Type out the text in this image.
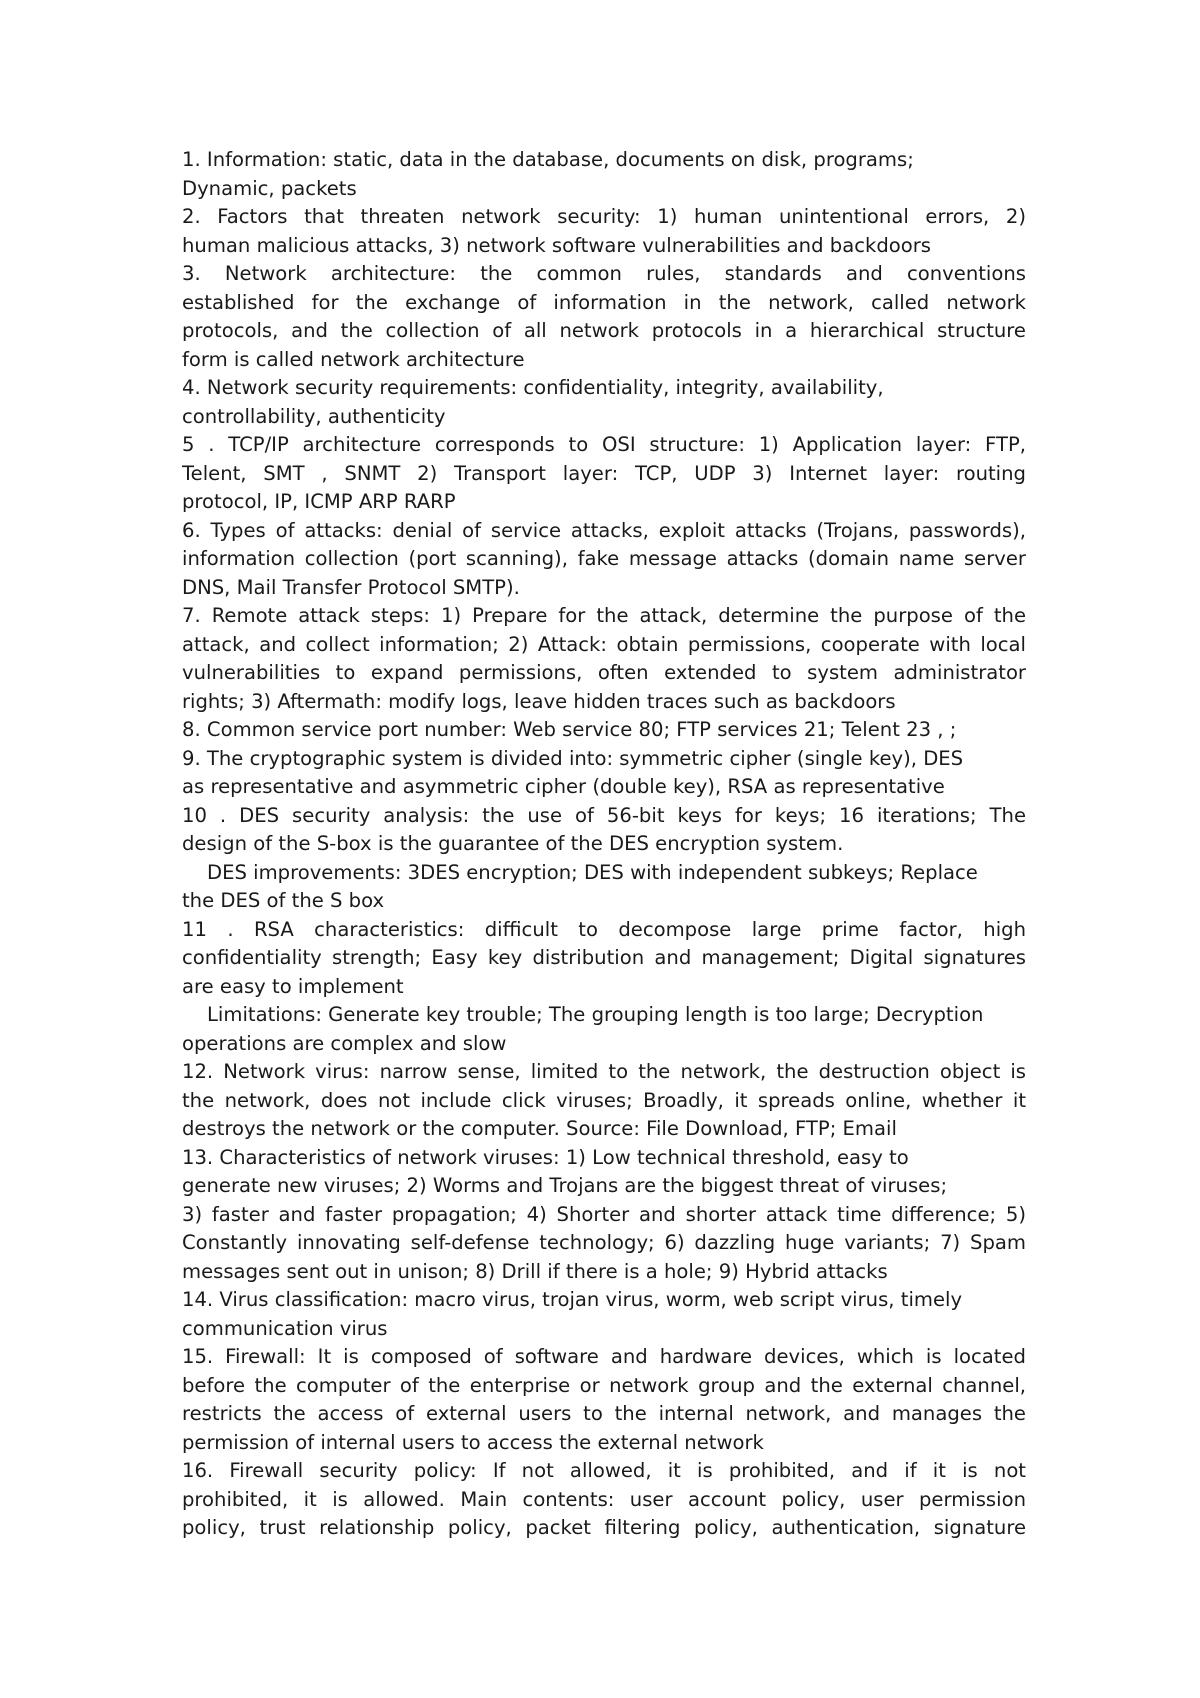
1. Information: static, data in the database, documents on disk, programs;
Dynamic, packets
2. Factors that threaten network security: 1) human unintentional errors, 2)
human malicious attacks, 3) network software vulnerabilities and backdoors
3. Network architecture: the common rules, standards and conventions
established for the exchange of information in the network, called network
protocols, and the collection of all network protocols in a hierarchical structure
form is called network architecture
4. Network security requirements: confidentiality, integrity, availability,
controllability, authenticity
5 . TCP/IP architecture corresponds to OSI structure: 1) Application layer: FTP,
Telent, SMT , SNMT 2) Transport layer: TCP, UDP 3) Internet layer: routing
protocol, IP, ICMP ARP RARP
6. Types of attacks: denial of service attacks, exploit attacks (Trojans, passwords),
information collection (port scanning), fake message attacks (domain name server
DNS, Mail Transfer Protocol SMTP).
7. Remote attack steps: 1) Prepare for the attack, determine the purpose of the
attack, and collect information; 2) Attack: obtain permissions, cooperate with local
vulnerabilities to expand permissions, often extended to system administrator
rights; 3) Aftermath: modify logs, leave hidden traces such as backdoors
8. Common service port number: Web service 80; FTP services 21; Telent 23 , ;
9. The cryptographic system is divided into: symmetric cipher (single key), DES
as representative and asymmetric cipher (double key), RSA as representative
10 . DES security analysis: the use of 56-bit keys for keys; 16 iterations; The
design of the S-box is the guarantee of the DES encryption system.
DES improvements: 3DES encryption; DES with independent subkeys; Replace
the DES of the S box
11 . RSA characteristics: difficult to decompose large prime factor, high
confidentiality strength; Easy key distribution and management; Digital signatures
are easy to implement
Limitations: Generate key trouble; The grouping length is too large; Decryption
operations are complex and slow
12. Network virus: narrow sense, limited to the network, the destruction object is
the network, does not include click viruses; Broadly, it spreads online, whether it
destroys the network or the computer. Source: File Download, FTP; Email
13. Characteristics of network viruses: 1) Low technical threshold, easy to
generate new viruses; 2) Worms and Trojans are the biggest threat of viruses;
3) faster and faster propagation; 4) Shorter and shorter attack time difference; 5)
Constantly innovating self-defense technology; 6) dazzling huge variants; 7) Spam
messages sent out in unison; 8) Drill if there is a hole; 9) Hybrid attacks
14. Virus classification: macro virus, trojan virus, worm, web script virus, timely
communication virus
15. Firewall: It is composed of software and hardware devices, which is located
before the computer of the enterprise or network group and the external channel,
restricts the access of external users to the internal network, and manages the
permission of internal users to access the external network
16. Firewall security policy: If not allowed, it is prohibited, and if it is not
prohibited, it is allowed. Main contents: user account policy, user permission
policy, trust relationship policy, packet filtering policy, authentication, signature
